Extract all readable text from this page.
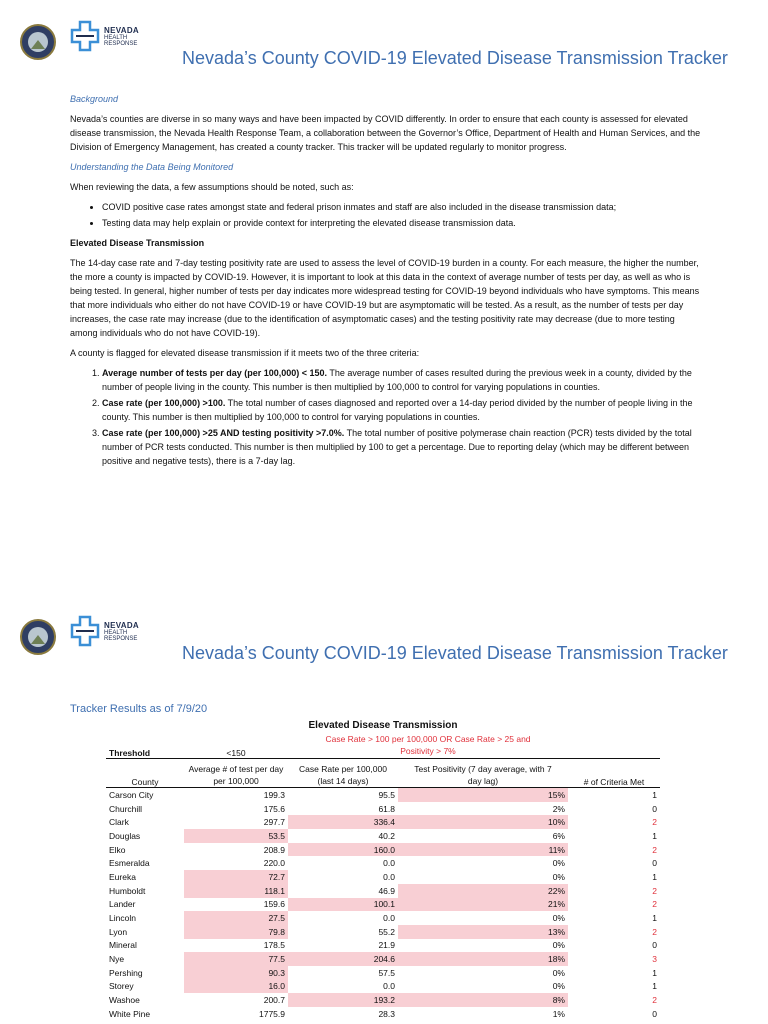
NEVADA
HEALTH
RESPONSE
Nevada’s County COVID-19 Elevated Disease Transmission Tracker

Background

Nevada’s counties are diverse in so many ways and have been impacted by COVID differently. In order to ensure that each county is assessed for elevated disease transmission, the Nevada Health Response Team, a collaboration between the Governor’s Office, Department of Health and Human Services, and the Division of Emergency Management, has created a county tracker. This tracker will be updated regularly to monitor progress.

Understanding the Data Being Monitored

When reviewing the data, a few assumptions should be noted, such as:

• COVID positive case rates amongst state and federal prison inmates and staff are also included in the disease transmission data;
• Testing data may help explain or provide context for interpreting the elevated disease transmission data.

Elevated Disease Transmission

The 14-day case rate and 7-day testing positivity rate are used to assess the level of COVID-19 burden in a county. For each measure, the higher the number, the more a county is impacted by COVID-19. However, it is important to look at this data in the context of average number of tests per day, as well as who is being tested. In general, higher number of tests per day indicates more widespread testing for COVID-19 beyond individuals who have symptoms. This means that more individuals who either do not have COVID-19 or have COVID-19 but are asymptomatic will be tested. As a result, as the number of tests per day increases, the case rate may increase (due to the identification of asymptomatic cases) and the testing positivity rate may decrease (due to more testing among individuals who do not have COVID-19).

A county is flagged for elevated disease transmission if it meets two of the three criteria:

1. Average number of tests per day (per 100,000) < 150. The average number of cases resulted during the previous week in a county, divided by the number of people living in the county. This number is then multiplied by 100,000 to control for varying populations in counties.
2. Case rate (per 100,000) >100. The total number of cases diagnosed and reported over a 14-day period divided by the number of people living in the county. This number is then multiplied by 100,000 to control for varying populations in counties.
3. Case rate (per 100,000) >25 AND testing positivity >7.0%. The total number of positive polymerase chain reaction (PCR) tests divided by the total number of PCR tests conducted. This number is then multiplied by 100 to get a percentage. Due to reporting delay (which may be different between positive and negative tests), there is a 7-day lag.
NEVADA
HEALTH
RESPONSE
Nevada’s County COVID-19 Elevated Disease Transmission Tracker
Tracker Results as of 7/9/20
Elevated Disease Transmission				
Threshold	<150	Case Rate > 100 per 100,000 OR Case Rate > 25 and Positivity > 7%		
County	Average # of test per day per 100,000	Case Rate per 100,000 (last 14 days)	Test Positivity (7 day average, with 7 day lag)	# of Criteria Met
Carson City	199.3	95.5	15%	1
Churchill	175.6	61.8	2%	0
Clark	297.7	336.4	10%	2
Douglas	53.5	40.2	6%	1
Elko	208.9	160.0	11%	2
Esmeralda	220.0	0.0	0%	0
Eureka	72.7	0.0	0%	1
Humboldt	118.1	46.9	22%	2
Lander	159.6	100.1	21%	2
Lincoln	27.5	0.0	0%	1
Lyon	79.8	55.2	13%	2
Mineral	178.5	21.9	0%	0
Nye	77.5	204.6	18%	3
Pershing	90.3	57.5	0%	1
Storey	16.0	0.0	0%	1
Washoe	200.7	193.2	8%	2
White Pine	1775.9	28.3	1%	0
